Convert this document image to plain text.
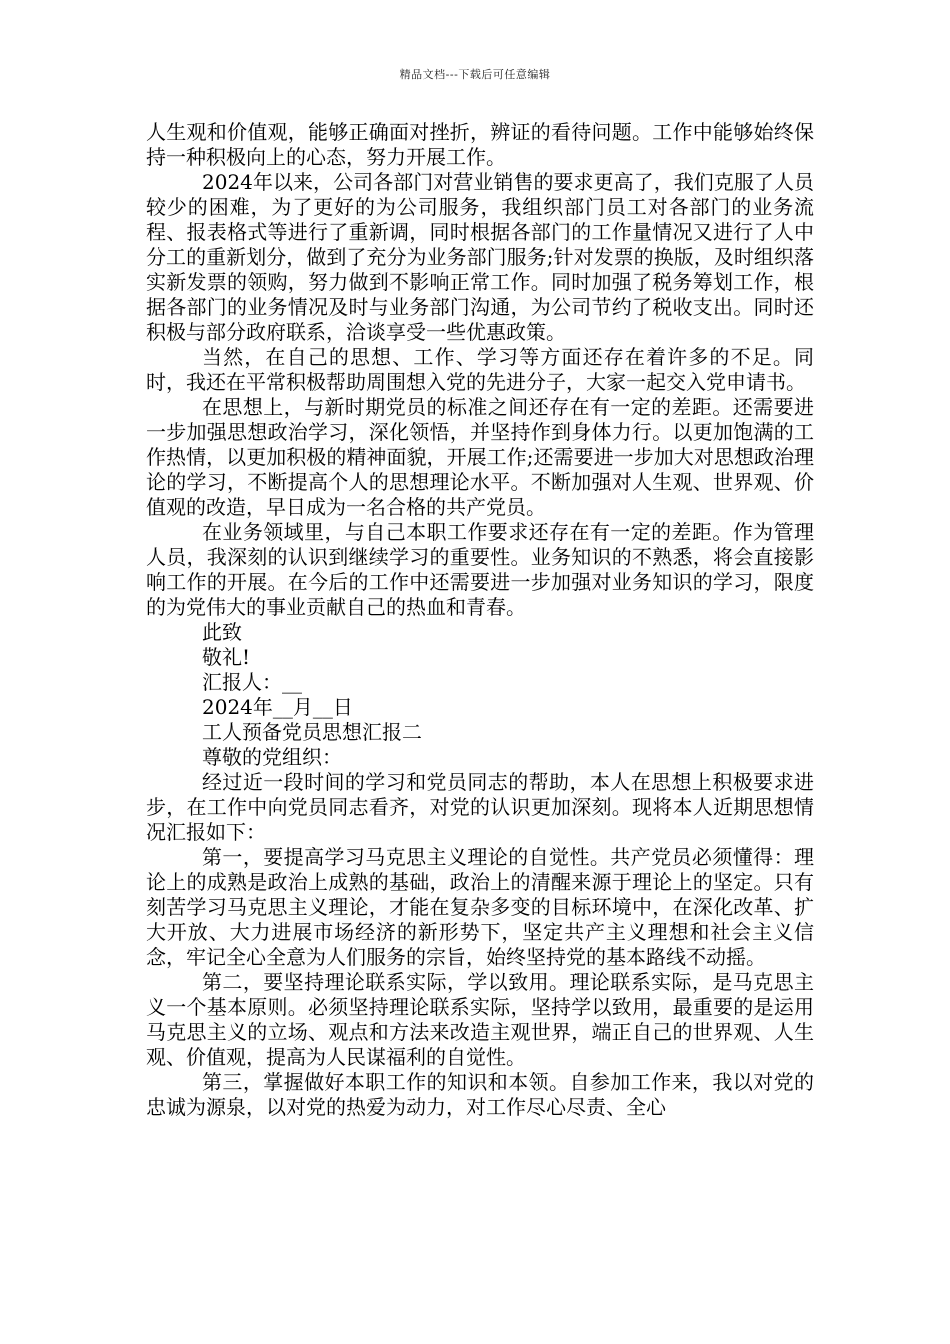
精品文档---下载后可任意编辑

人生观和价值观，能够正确面对挫折，辨证的看待问题。工作中能够始终保持一种积极向上的心态，努力开展工作。

2024年以来，公司各部门对营业销售的要求更高了，我们克服了人员较少的困难，为了更好的为公司服务，我组织部门员工对各部门的业务流程、报表格式等进行了重新调，同时根据各部门的工作量情况又进行了人中分工的重新划分，做到了充分为业务部门服务;针对发票的换版，及时组织落实新发票的领购，努力做到不影响正常工作。同时加强了税务筹划工作，根据各部门的业务情况及时与业务部门沟通，为公司节约了税收支出。同时还积极与部分政府联系，洽谈享受一些优惠政策。

当然，在自己的思想、工作、学习等方面还存在着许多的不足。同时，我还在平常积极帮助周围想入党的先进分子，大家一起交入党申请书。

在思想上，与新时期党员的标准之间还存在有一定的差距。还需要进一步加强思想政治学习，深化领悟，并坚持作到身体力行。以更加饱满的工作热情，以更加积极的精神面貌，开展工作;还需要进一步加大对思想政治理论的学习，不断提高个人的思想理论水平。不断加强对人生观、世界观、价值观的改造，早日成为一名合格的共产党员。

在业务领域里，与自己本职工作要求还存在有一定的差距。作为管理人员，我深刻的认识到继续学习的重要性。业务知识的不熟悉，将会直接影响工作的开展。在今后的工作中还需要进一步加强对业务知识的学习，限度的为党伟大的事业贡献自己的热血和青春。

此致

敬礼!

汇报人：__

2024年__月__日

工人预备党员思想汇报二

尊敬的党组织：

经过近一段时间的学习和党员同志的帮助，本人在思想上积极要求进步，在工作中向党员同志看齐，对党的认识更加深刻。现将本人近期思想情况汇报如下：

第一，要提高学习马克思主义理论的自觉性。共产党员必须懂得：理论上的成熟是政治上成熟的基础，政治上的清醒来源于理论上的坚定。只有刻苦学习马克思主义理论，才能在复杂多变的目标环境中，在深化改革、扩大开放、大力进展市场经济的新形势下，坚定共产主义理想和社会主义信念，牢记全心全意为人们服务的宗旨，始终坚持党的基本路线不动摇。

第二，要坚持理论联系实际，学以致用。理论联系实际，是马克思主义一个基本原则。必须坚持理论联系实际，坚持学以致用，最重要的是运用马克思主义的立场、观点和方法来改造主观世界，端正自己的世界观、人生观、价值观，提高为人民谋福利的自觉性。

第三，掌握做好本职工作的知识和本领。自参加工作来，我以对党的忠诚为源泉，以对党的热爱为动力，对工作尽心尽责、全心
